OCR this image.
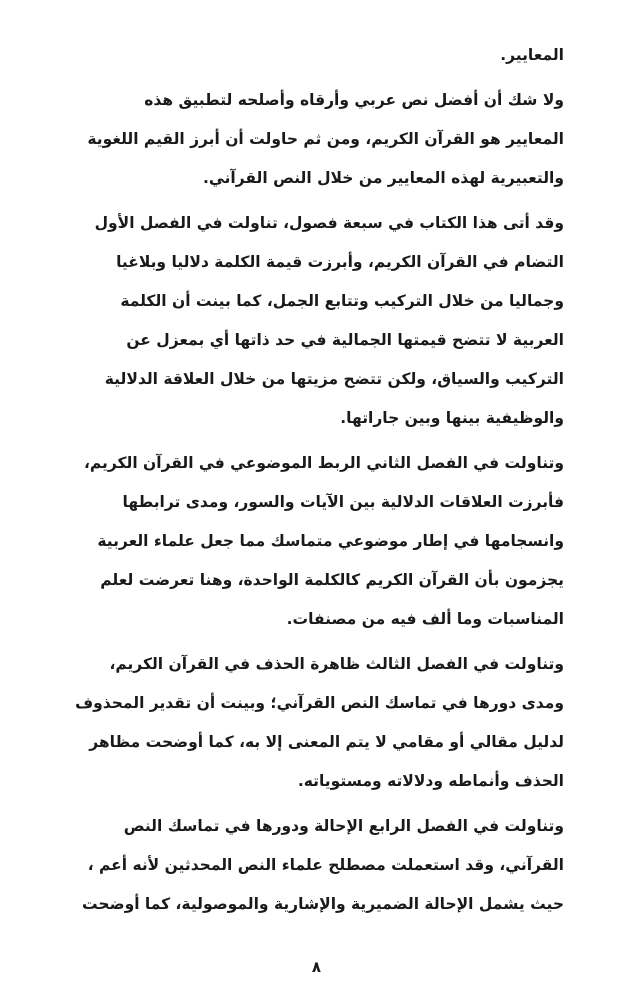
المعايير.
ولا شك أن أفضل نص عربي وأرقاه وأصلحه لتطبيق هذه
المعايير هو القرآن الكريم، ومن ثم حاولت أن أبرز القيم اللغوية
والتعبيرية لهذه المعايير من خلال النص القرآني.
وقد أتى هذا الكتاب في سبعة فصول، تناولت في الفصل الأول
التضام في القرآن الكريم، وأبرزت قيمة الكلمة دلاليا وبلاغيا
وجماليا من خلال التركيب وتتابع الجمل، كما بينت أن الكلمة
العربية لا تتضح قيمتها الجمالية في حد ذاتها أي بمعزل عن
التركيب والسياق، ولكن تتضح مزيتها من خلال العلاقة الدلالية
والوظيفية بينها وبين جاراتها.
وتناولت في الفصل الثاني الربط الموضوعي في القرآن الكريم،
فأبرزت العلاقات الدلالية بين الآيات والسور، ومدى ترابطها
وانسجامها في إطار موضوعي متماسك مما جعل علماء العربية
يجزمون بأن القرآن الكريم كالكلمة الواحدة، وهنا تعرضت لعلم
المناسبات وما ألف فيه من مصنفات.
وتناولت في الفصل الثالث ظاهرة الحذف في القرآن الكريم،
ومدى دورها في تماسك النص القرآني؛ وبينت أن تقدير المحذوف
لدليل مقالي أو مقامي لا يتم المعنى إلا به، كما أوضحت مظاهر
الحذف وأنماطه ودلالاته ومستوياته.
وتناولت في الفصل الرابع الإحالة ودورها في تماسك النص
القرآني، وقد استعملت مصطلح علماء النص المحدثين لأنه أعم ،
حيث يشمل الإحالة الضميرية والإشارية والموصولية، كما أوضحت
٨
